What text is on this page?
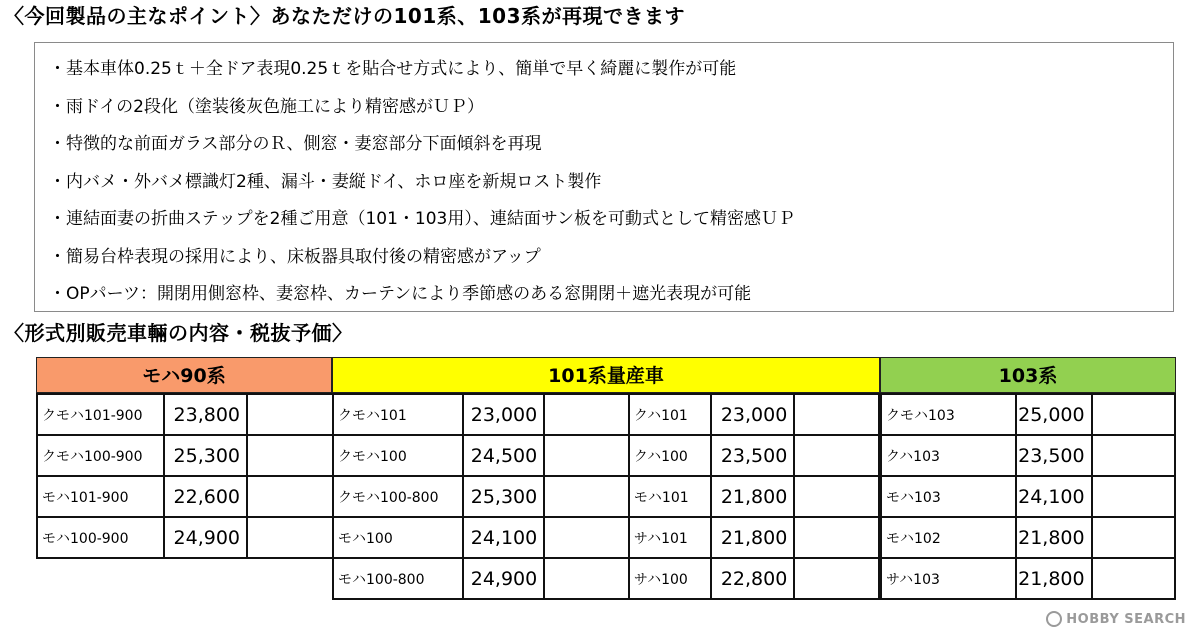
〈今回製品の主なポイント〉あなただけの101系、103系が再現できます
・基本車体0.25ｔ＋全ドア表現0.25ｔを貼合せ方式により、簡単で早く綺麗に製作が可能
・雨ドイの2段化（塗装後灰色施工により精密感がＵＰ）
・特徴的な前面ガラス部分のＲ、側窓・妻窓部分下面傾斜を再現
・内バメ・外バメ標識灯2種、漏斗・妻縦ドイ、ホロ座を新規ロスト製作
・連結面妻の折曲ステップを2種ご用意（101・103用）、連結面サン板を可動式として精密感ＵＰ
・簡易台枠表現の採用により、床板器具取付後の精密感がアップ
・OPパーツ：開閉用側窓枠、妻窓枠、カーテンにより季節感のある窓開閉＋遮光表現が可能
〈形式別販売車輛の内容・税抜予価〉
モハ90系
クモハ101-900	23,800
クモハ100-900	25,300
モハ101-900	22,600
モハ100-900	24,900
101系量産車
クモハ101	23,000	クハ101	23,000
クモハ100	24,500	クハ100	23,500
クモハ100-800	25,300	モハ101	21,800
モハ100	24,100	サハ101	21,800
モハ100-800	24,900	サハ100	22,800
103系
クモハ103	25,000
クハ103	23,500
モハ103	24,100
モハ102	21,800
サハ103	21,800
HOBBY SEARCH
